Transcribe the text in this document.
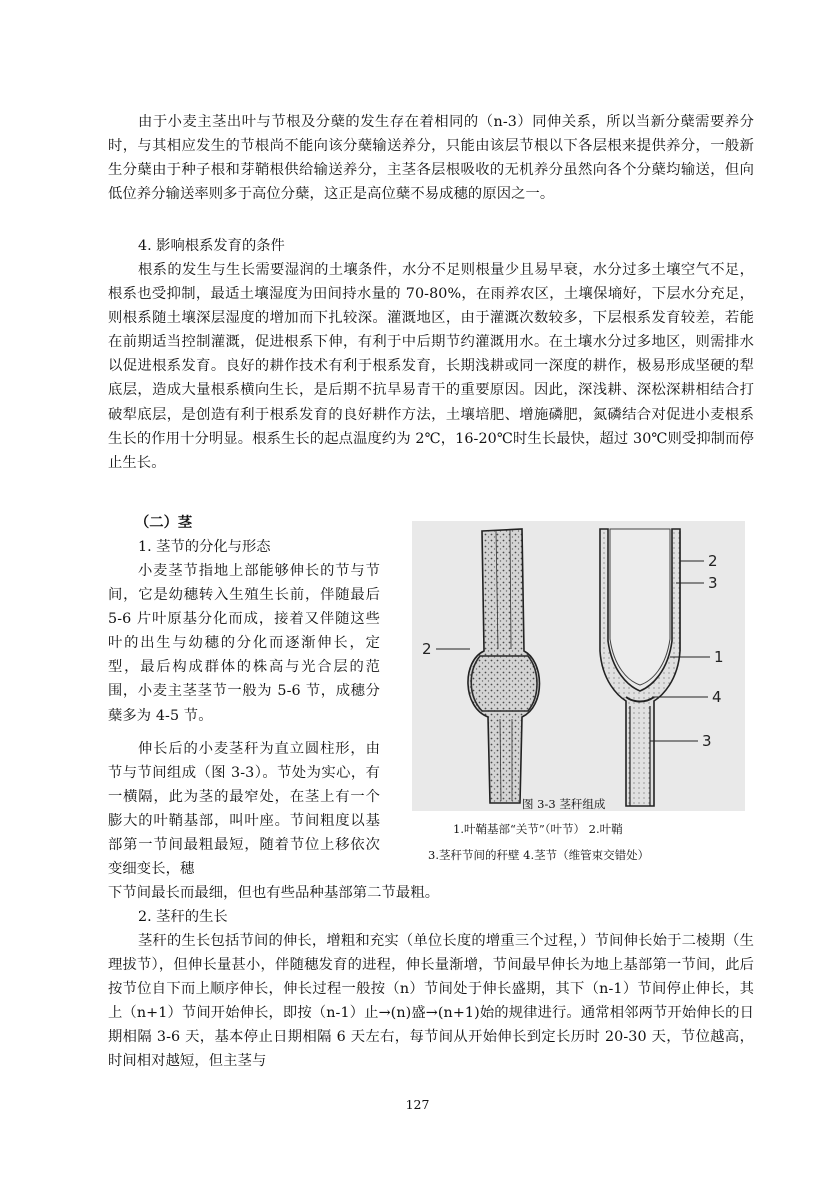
由于小麦主茎出叶与节根及分蘖的发生存在着相同的（n-3）同伸关系，所以当新分蘖需要养分时，与其相应发生的节根尚不能向该分蘖输送养分，只能由该层节根以下各层根来提供养分，一般新生分蘖由于种子根和芽鞘根供给输送养分，主茎各层根吸收的无机养分虽然向各个分蘖均输送，但向低位养分输送率则多于高位分蘖，这正是高位蘖不易成穗的原因之一。

4. 影响根系发育的条件

根系的发生与生长需要湿润的土壤条件，水分不足则根量少且易早衰，水分过多土壤空气不足，根系也受抑制，最适土壤湿度为田间持水量的 70-80%，在雨养农区，土壤保墒好，下层水分充足，则根系随土壤深层湿度的增加而下扎较深。灌溉地区，由于灌溉次数较多，下层根系发育较差，若能在前期适当控制灌溉，促进根系下伸，有利于中后期节约灌溉用水。在土壤水分过多地区，则需排水以促进根系发育。良好的耕作技术有利于根系发育，长期浅耕或同一深度的耕作，极易形成坚硬的犁底层，造成大量根系横向生长，是后期不抗旱易青干的重要原因。因此，深浅耕、深松深耕相结合打破犁底层，是创造有利于根系发育的良好耕作方法，土壤培肥、增施磷肥，氮磷结合对促进小麦根系生长的作用十分明显。根系生长的起点温度约为 2℃，16-20℃时生长最快，超过 30℃则受抑制而停止生长。

（二）茎

1. 茎节的分化与形态

小麦茎节指地上部能够伸长的节与节间，它是幼穗转入生殖生长前，伴随最后 5-6 片叶原基分化而成，接着又伴随这些叶的出生与幼穗的分化而逐渐伸长，定型，最后构成群体的株高与光合层的范围，小麦主茎茎节一般为 5-6 节，成穗分蘖多为 4-5 节。

伸长后的小麦茎秆为直立圆柱形，由节与节间组成（图 3-3）。节处为实心，有一横隔，此为茎的最窄处，在茎上有一个膨大的叶鞘基部，叫叶座。节间粗度以基部第一节间最粗最短，随着节位上移依次变细变长，穗

下节间最长而最细，但也有些品种基部第二节最粗。

2. 茎秆的生长

茎秆的生长包括节间的伸长，增粗和充实（单位长度的增重三个过程，）节间伸长始于二棱期（生理拔节），但伸长量甚小，伴随穗发育的进程，伸长量渐增，节间最早伸长为地上基部第一节间，此后按节位自下而上顺序伸长，伸长过程一般按（n）节间处于伸长盛期，其下（n-1）节间停止伸长，其上（n+1）节间开始伸长，即按（n-1）止→(n)盛→(n+1)始的规律进行。通常相邻两节开始伸长的日期相隔 3-6 天，基本停止日期相隔 6 天左右，每节间从开始伸长到定长历时 20-30 天，节位越高，时间相对越短，但主茎与

2
3
2	1
4
3

图 3-3 茎秆组成

1.叶鞘基部“关节”（叶节） 2.叶鞘

3.茎秆节间的秆壁 4.茎节（维管束交错处）

127
